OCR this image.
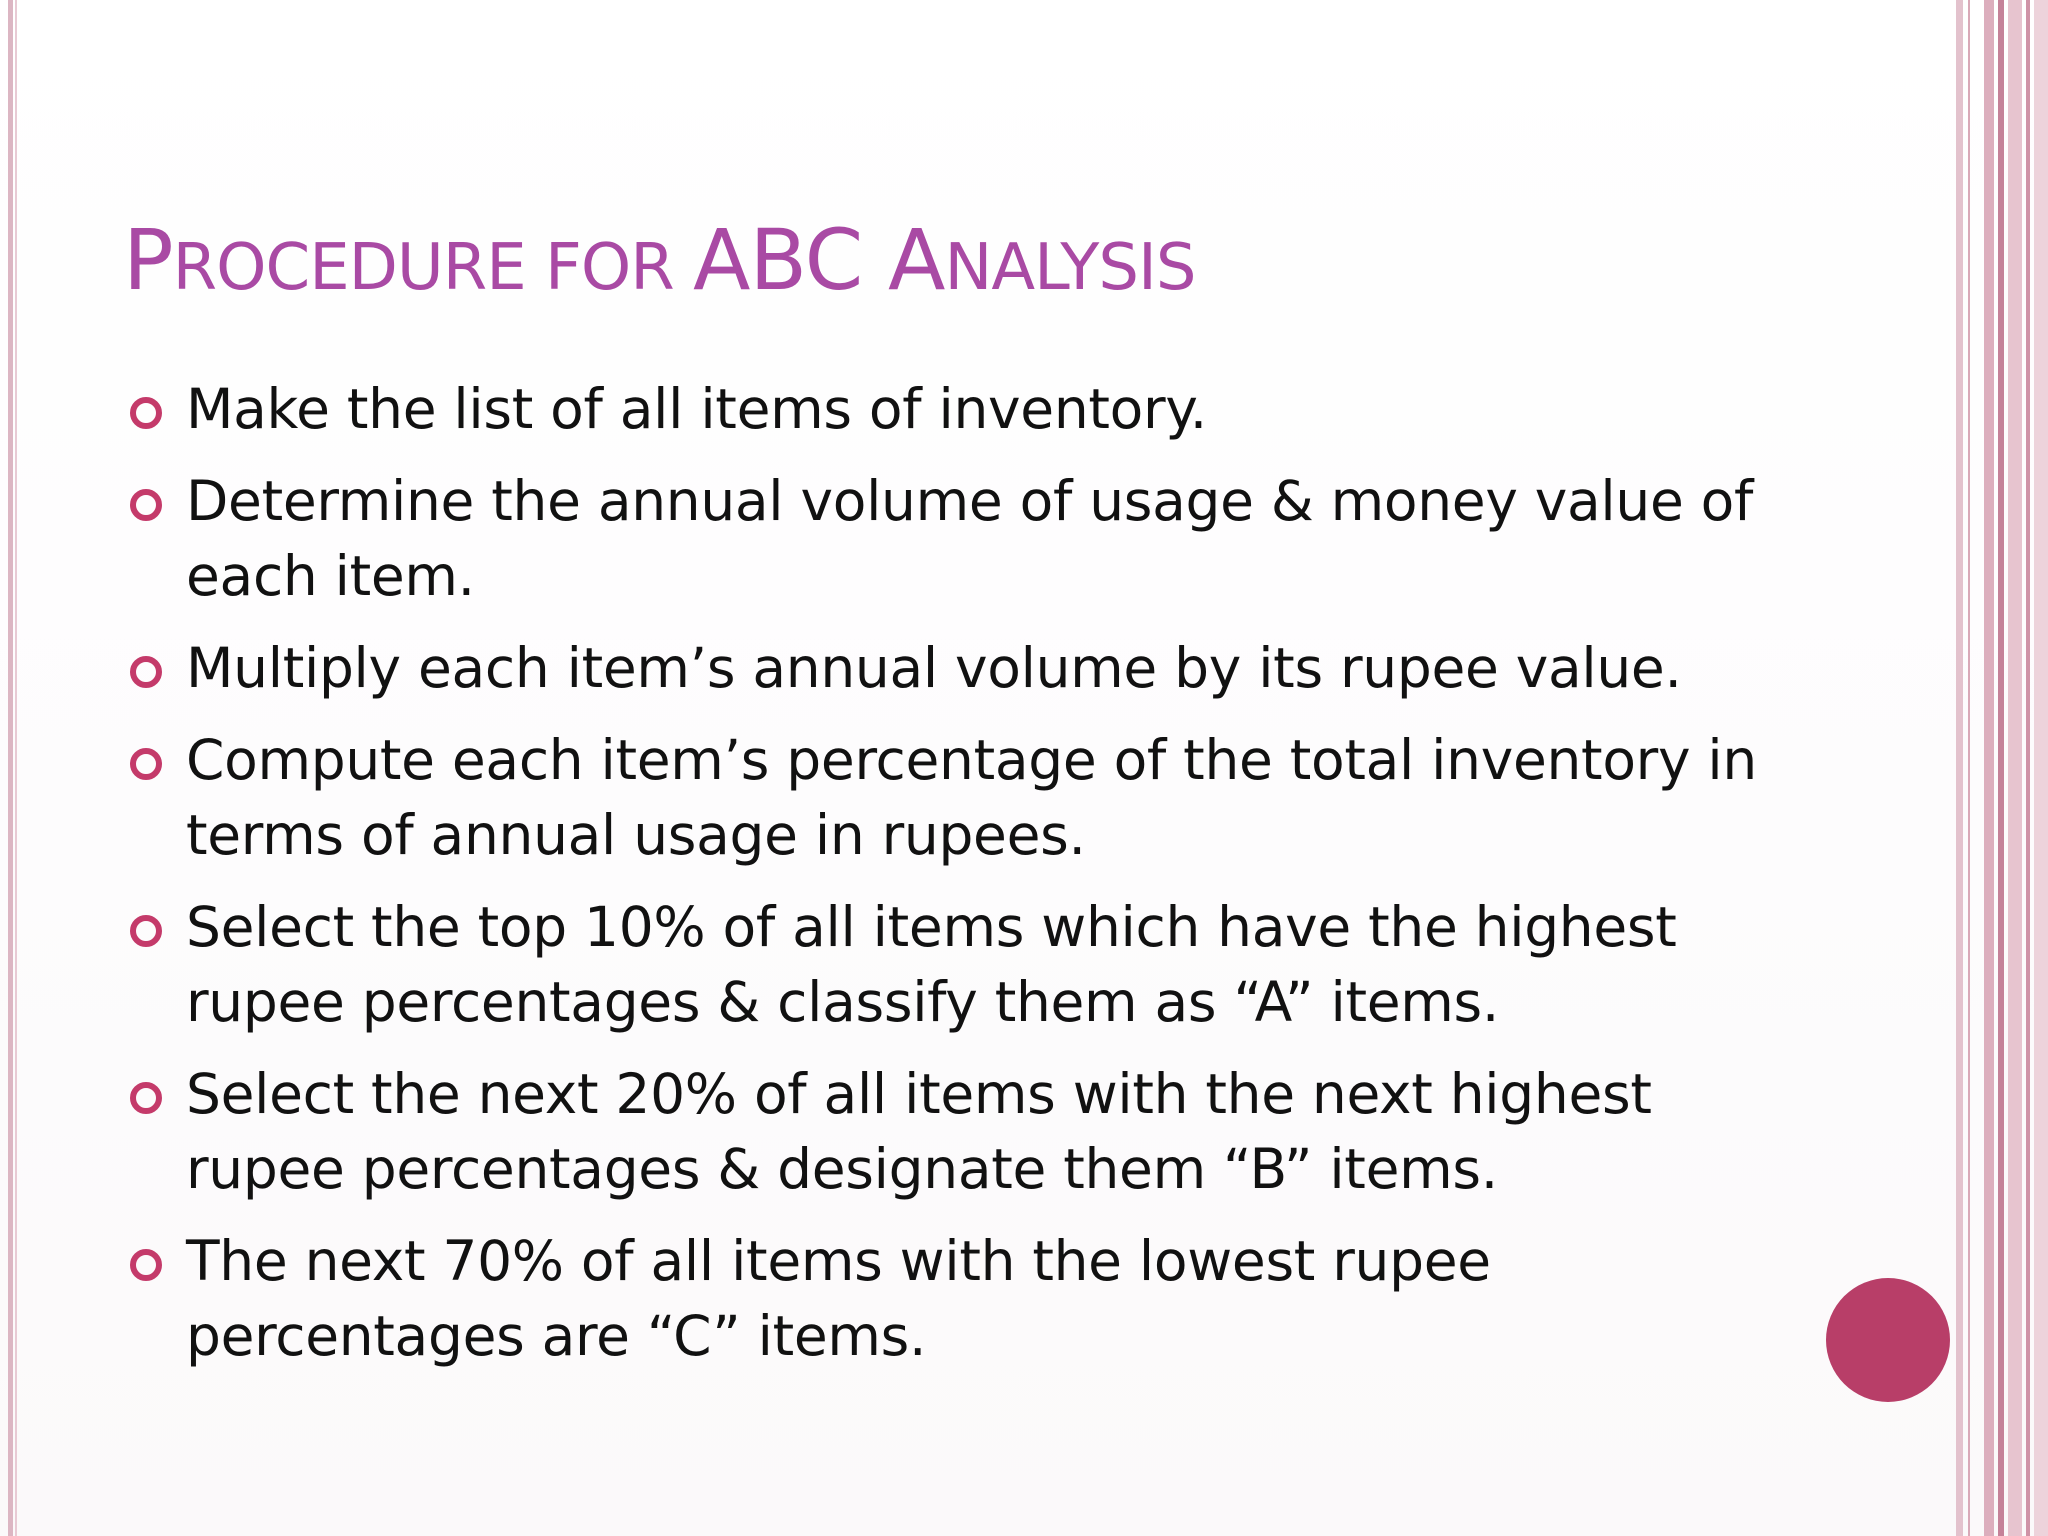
PROCEDURE FOR ABC ANALYSIS
Make the list of all items of inventory.
Determine the annual volume of usage & money value of each item.
Multiply each item’s annual volume by its rupee value.
Compute each item’s percentage of the total inventory in terms of annual usage in rupees.
Select the top 10% of all items which have the highest rupee percentages & classify them as “A” items.
Select the next 20% of all items with the next highest rupee percentages & designate them “B” items.
The next 70% of all items with the lowest rupee percentages are “C” items.
